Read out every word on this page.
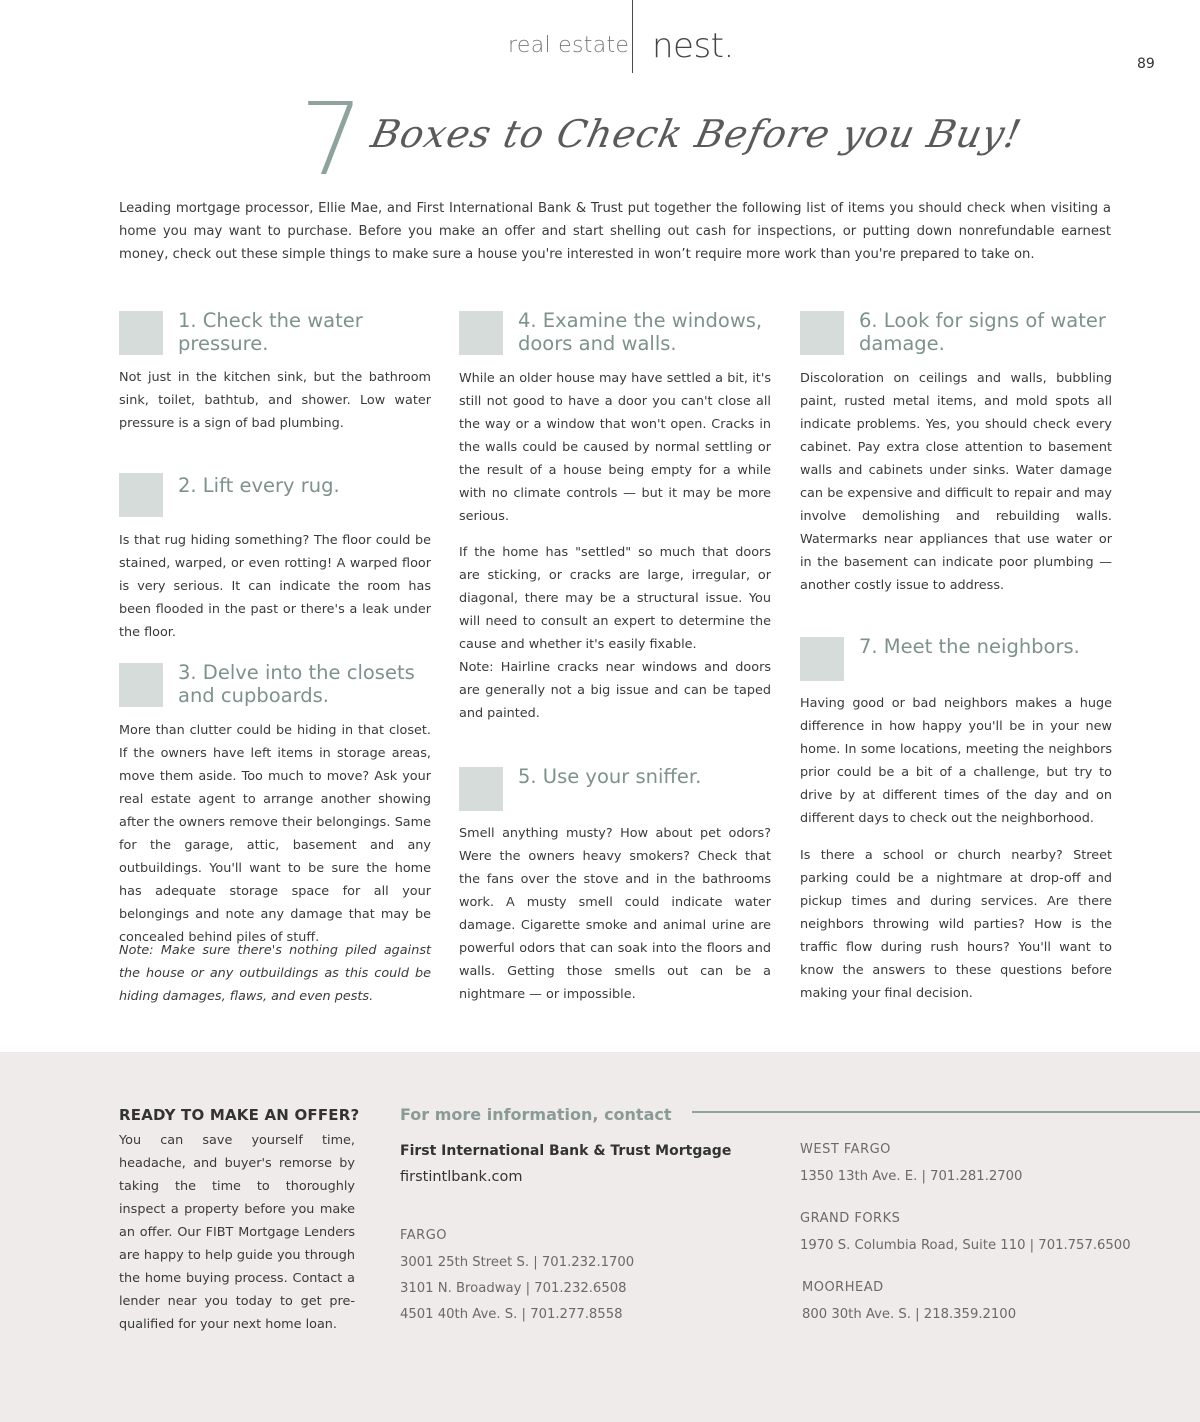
real estate nest.	89
7 Boxes to Check Before you Buy!

Leading mortgage processor, Ellie Mae, and First International Bank & Trust put together the following list of items you should check when visiting a home you may want to purchase. Before you make an offer and start shelling out cash for inspections, or putting down nonrefundable earnest money, check out these simple things to make sure a house you're interested in won’t require more work than you're prepared to take on.

1. Check the water pressure.

Not just in the kitchen sink, but the bathroom sink, toilet, bathtub, and shower. Low water pressure is a sign of bad plumbing.

2. Lift every rug.

Is that rug hiding something? The floor could be stained, warped, or even rotting! A warped floor is very serious. It can indicate the room has been flooded in the past or there's a leak under the floor.

3. Delve into the closets and cupboards.

More than clutter could be hiding in that closet. If the owners have left items in storage areas, move them aside. Too much to move? Ask your real estate agent to arrange another showing after the owners remove their belongings. Same for the garage, attic, basement and any outbuildings. You'll want to be sure the home has adequate storage space for all your belongings and note any damage that may be concealed behind piles of stuff.

Note: Make sure there's nothing piled against the house or any outbuildings as this could be hiding damages, flaws, and even pests.

4. Examine the windows, doors and walls.

While an older house may have settled a bit, it's still not good to have a door you can't close all the way or a window that won't open. Cracks in the walls could be caused by normal settling or the result of a house being empty for a while with no climate controls — but it may be more serious.

If the home has "settled" so much that doors are sticking, or cracks are large, irregular, or diagonal, there may be a structural issue. You will need to consult an expert to determine the cause and whether it's easily fixable.

Note: Hairline cracks near windows and doors are generally not a big issue and can be taped and painted.

5. Use your sniffer.

Smell anything musty? How about pet odors? Were the owners heavy smokers? Check that the fans over the stove and in the bathrooms work. A musty smell could indicate water damage. Cigarette smoke and animal urine are powerful odors that can soak into the floors and walls. Getting those smells out can be a nightmare — or impossible.

6. Look for signs of water damage.

Discoloration on ceilings and walls, bubbling paint, rusted metal items, and mold spots all indicate problems. Yes, you should check every cabinet. Pay extra close attention to basement walls and cabinets under sinks. Water damage can be expensive and difficult to repair and may involve demolishing and rebuilding walls. Watermarks near appliances that use water or in the basement can indicate poor plumbing — another costly issue to address.

7. Meet the neighbors.

Having good or bad neighbors makes a huge difference in how happy you'll be in your new home. In some locations, meeting the neighbors prior could be a bit of a challenge, but try to drive by at different times of the day and on different days to check out the neighborhood.

Is there a school or church nearby? Street parking could be a nightmare at drop-off and pickup times and during services. Are there neighbors throwing wild parties? How is the traffic flow during rush hours? You'll want to know the answers to these questions before making your final decision.

READY TO MAKE AN OFFER?

You can save yourself time, headache, and buyer's remorse by taking the time to thoroughly inspect a property before you make an offer. Our FIBT Mortgage Lenders are happy to help guide you through the home buying process. Contact a lender near you today to get pre-qualified for your next home loan.

For more information, contact
First International Bank & Trust Mortgage
firstintlbank.com
FARGO
3001 25th Street S. | 701.232.1700
3101 N. Broadway | 701.232.6508
4501 40th Ave. S. | 701.277.8558
WEST FARGO
1350 13th Ave. E. | 701.281.2700
GRAND FORKS
1970 S. Columbia Road, Suite 110 | 701.757.6500
MOORHEAD
800 30th Ave. S. | 218.359.2100
